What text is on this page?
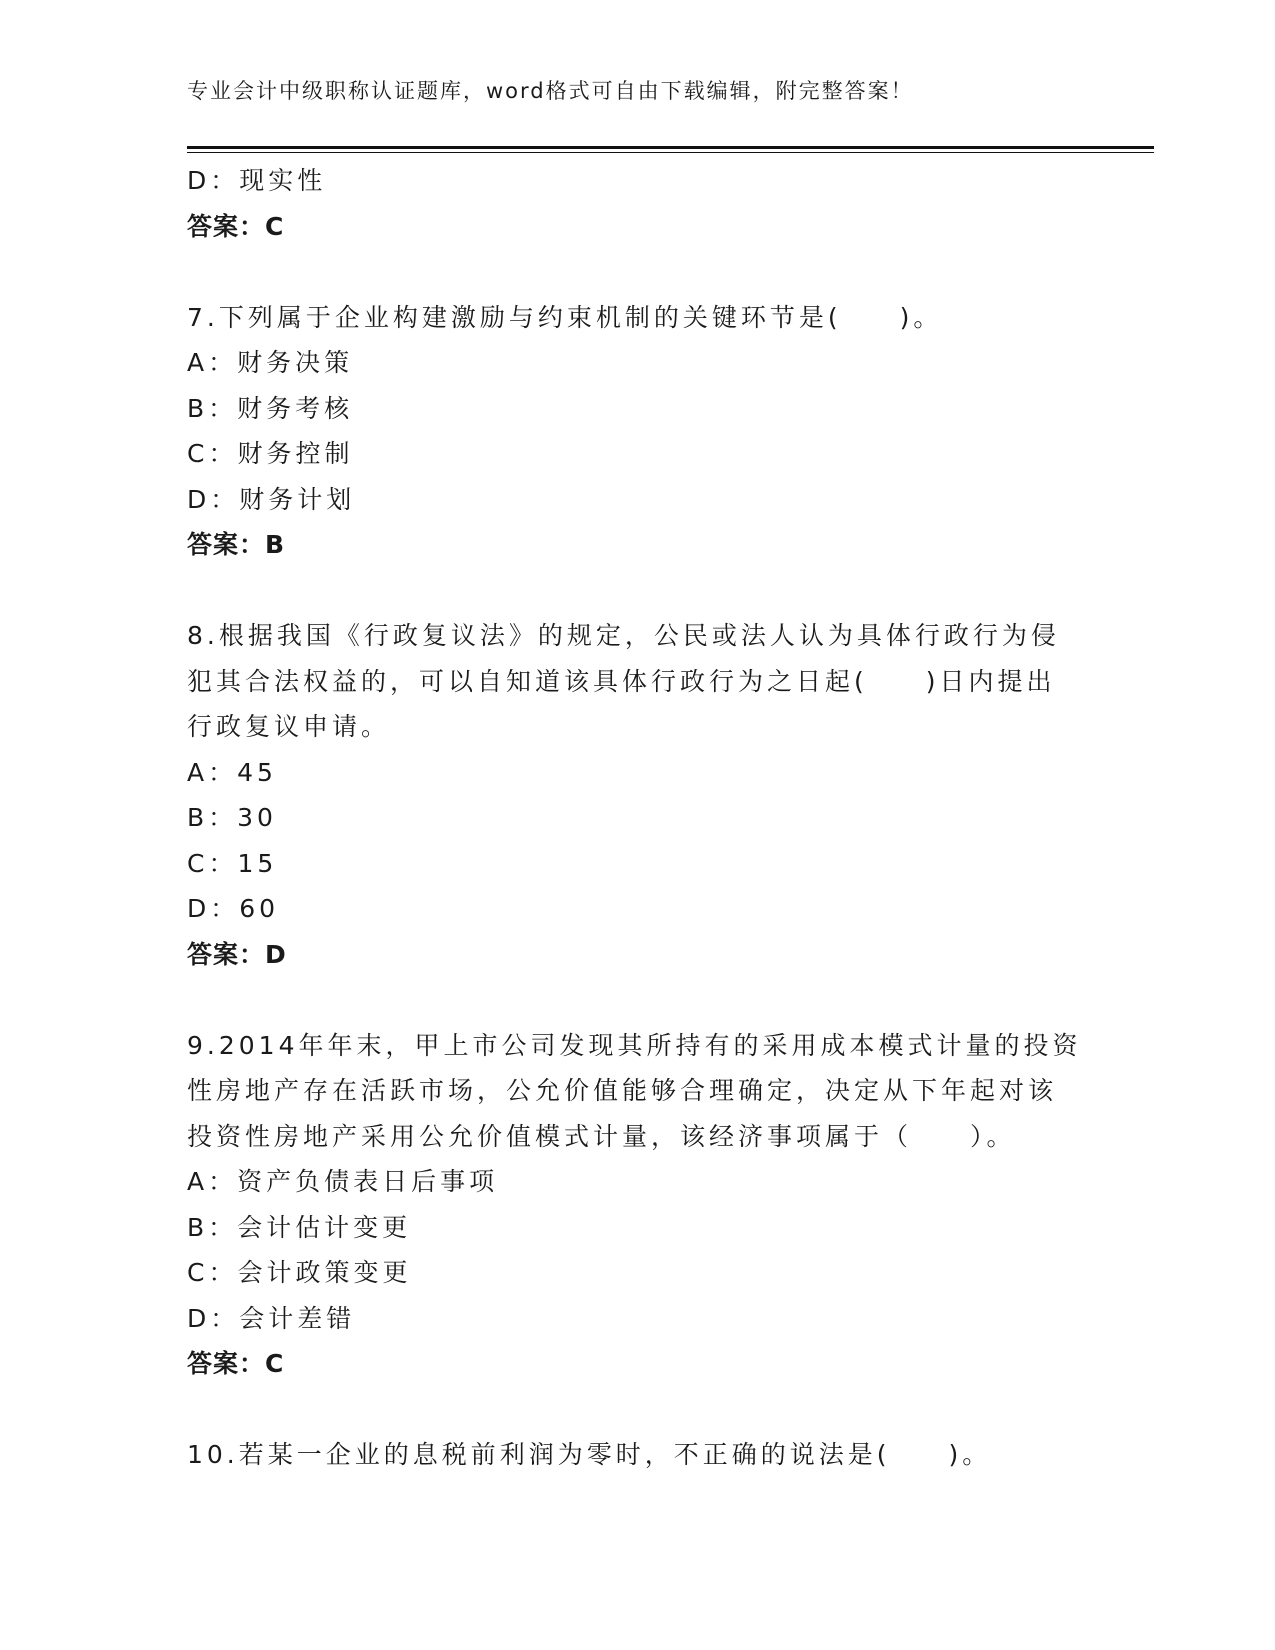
专业会计中级职称认证题库，word格式可自由下载编辑，附完整答案！
D：现实性
答案：C
7.下列属于企业构建激励与约束机制的关键环节是(　　)。
A：财务决策
B：财务考核
C：财务控制
D：财务计划
答案：B
8.根据我国《行政复议法》的规定，公民或法人认为具体行政行为侵
犯其合法权益的，可以自知道该具体行政行为之日起(　　)日内提出
行政复议申请。
A：45
B：30
C：15
D：60
答案：D
9.2014年年末，甲上市公司发现其所持有的采用成本模式计量的投资
性房地产存在活跃市场，公允价值能够合理确定，决定从下年起对该
投资性房地产采用公允价值模式计量，该经济事项属于（　　）。
A：资产负债表日后事项
B：会计估计变更
C：会计政策变更
D：会计差错
答案：C
10.若某一企业的息税前利润为零时，不正确的说法是(　　)。
